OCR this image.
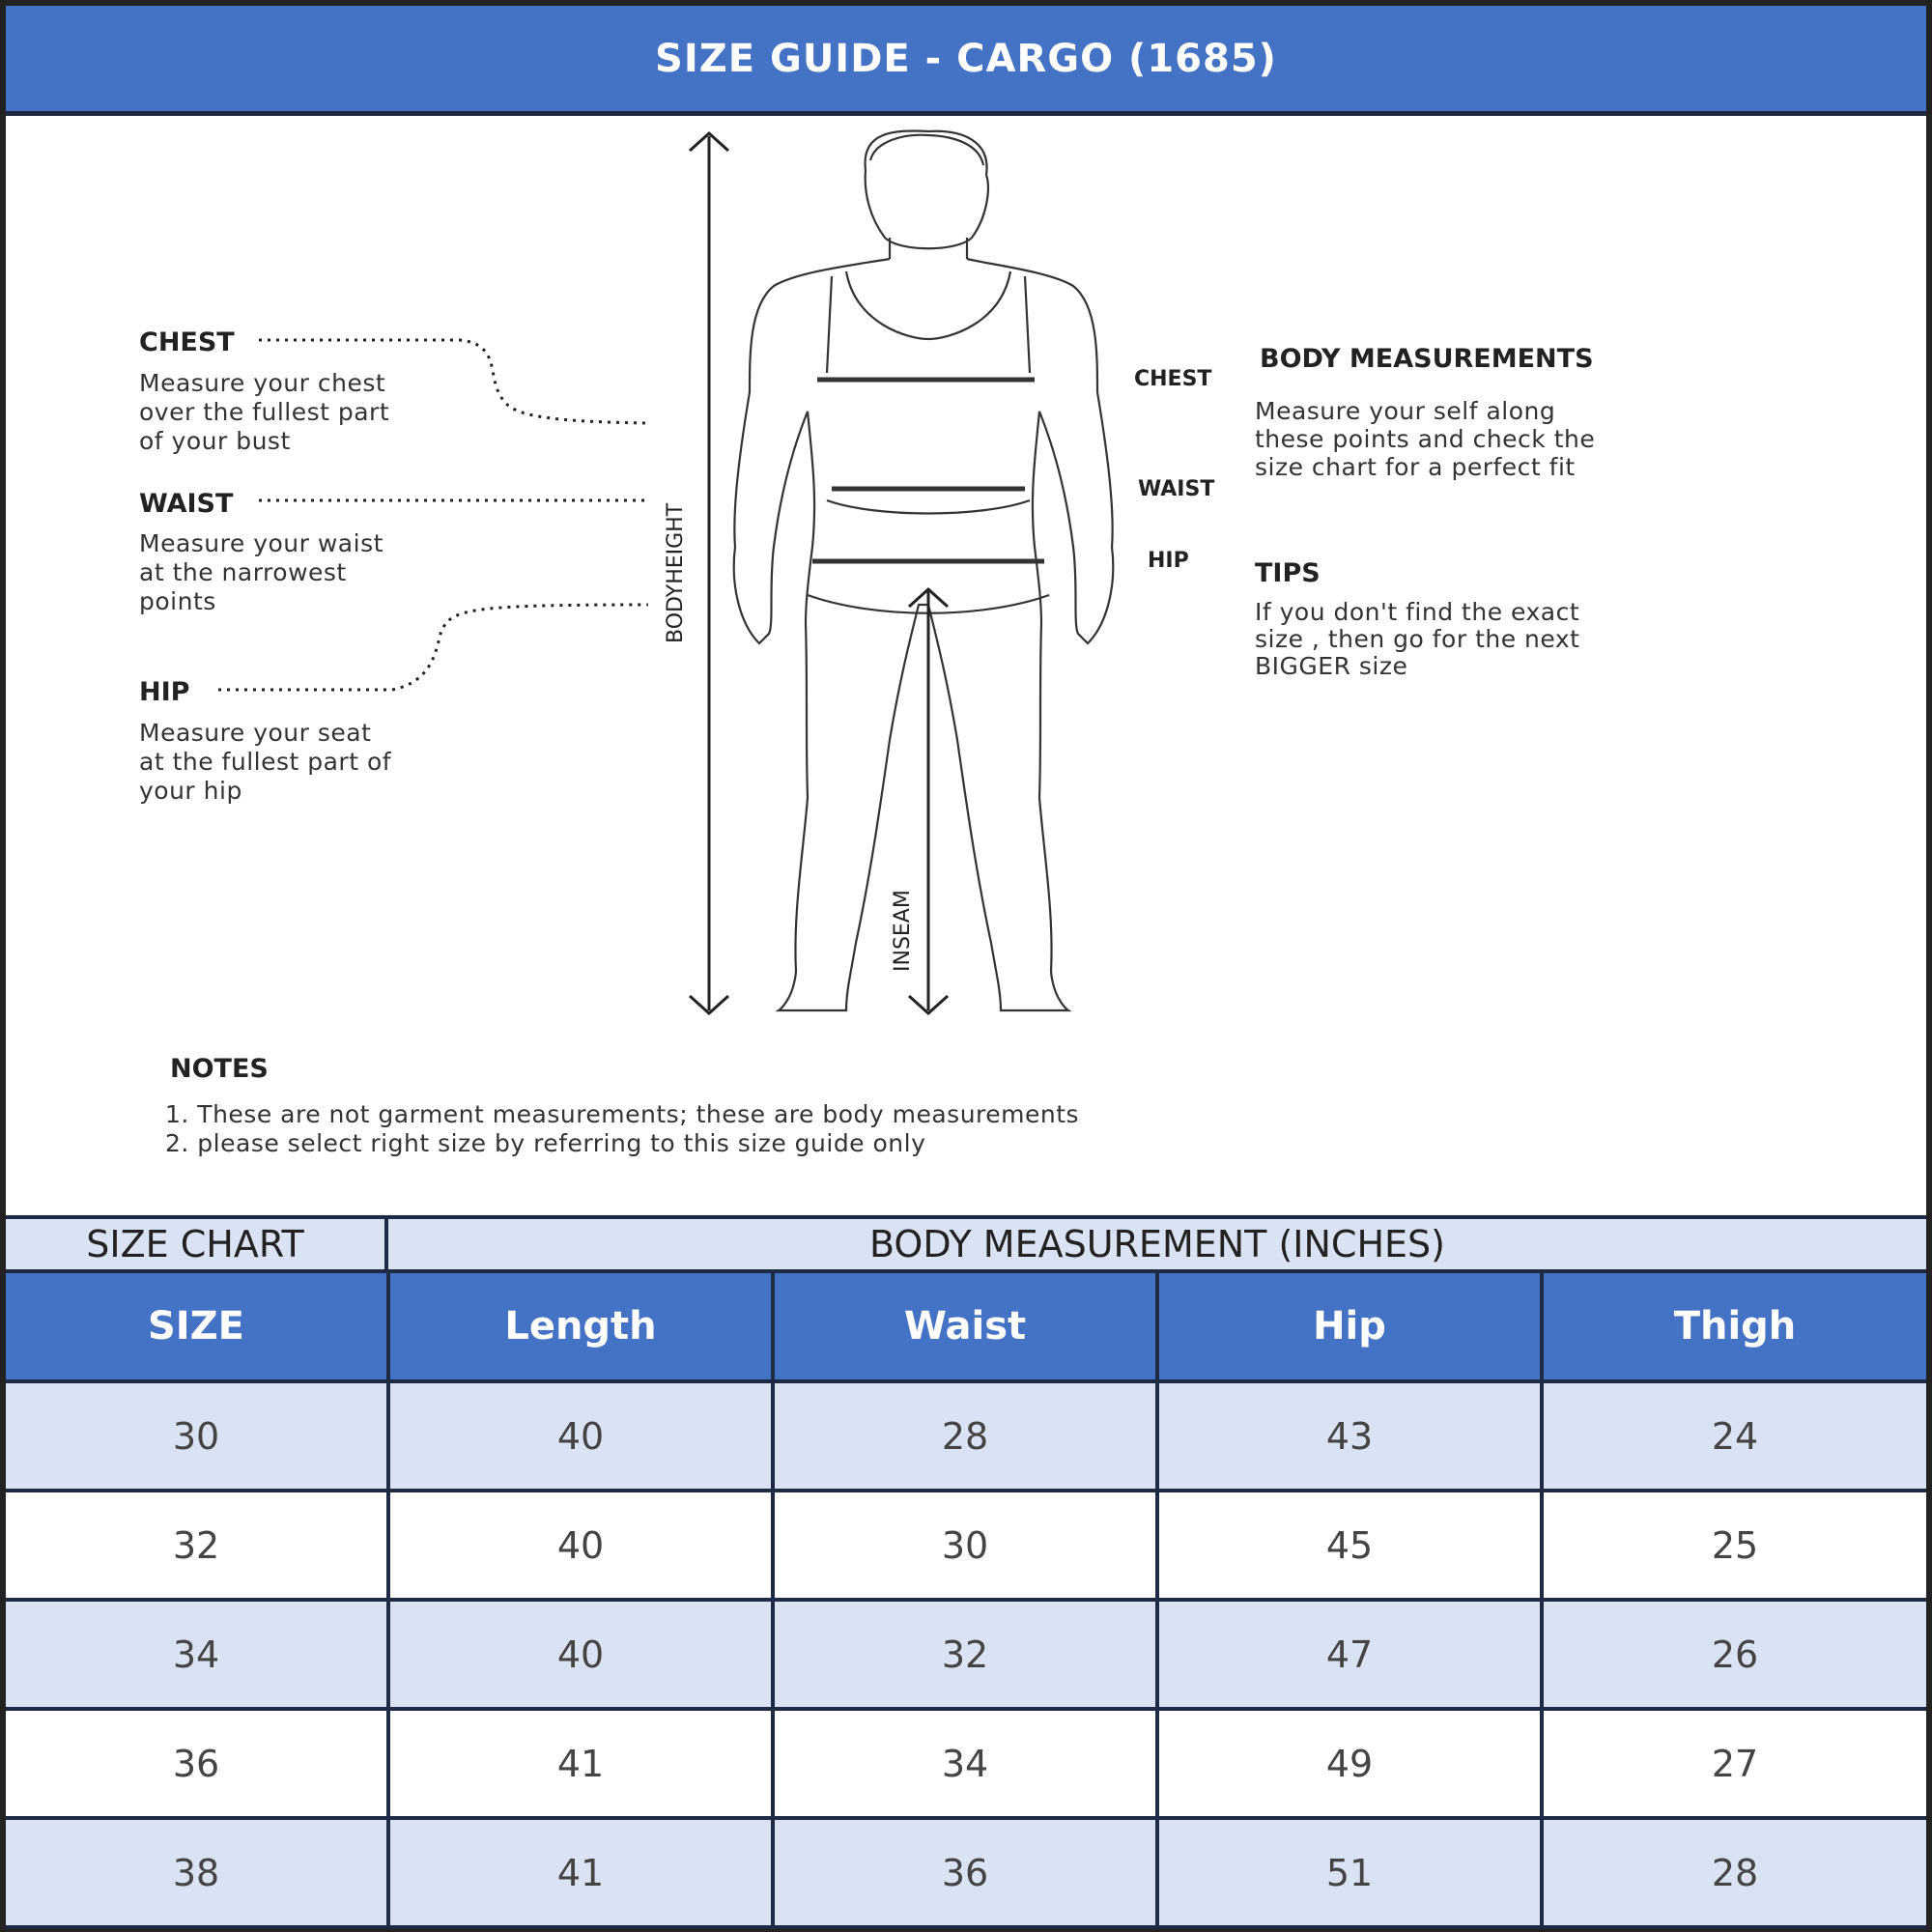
SIZE GUIDE - CARGO (1685)
BODYHEIGHT
INSEAM
CHEST
Measure your chest
over the fullest part
of your bust
WAIST
Measure your waist
at the narrowest
points
HIP
Measure your seat
at the fullest part of
your hip
CHEST
WAIST
HIP
BODY MEASUREMENTS
Measure your self along
these points and check the
size chart for a perfect fit
TIPS
If you don't find the exact
size , then go for the next
BIGGER size
NOTES
1. These are not garment measurements; these are body measurements
2. please select right size by referring to this size guide only
SIZE CHART	BODY MEASUREMENT (INCHES)
SIZE	Length	Waist	Hip	Thigh
30	40	28	43	24
32	40	30	45	25
34	40	32	47	26
36	41	34	49	27
38	41	36	51	28
